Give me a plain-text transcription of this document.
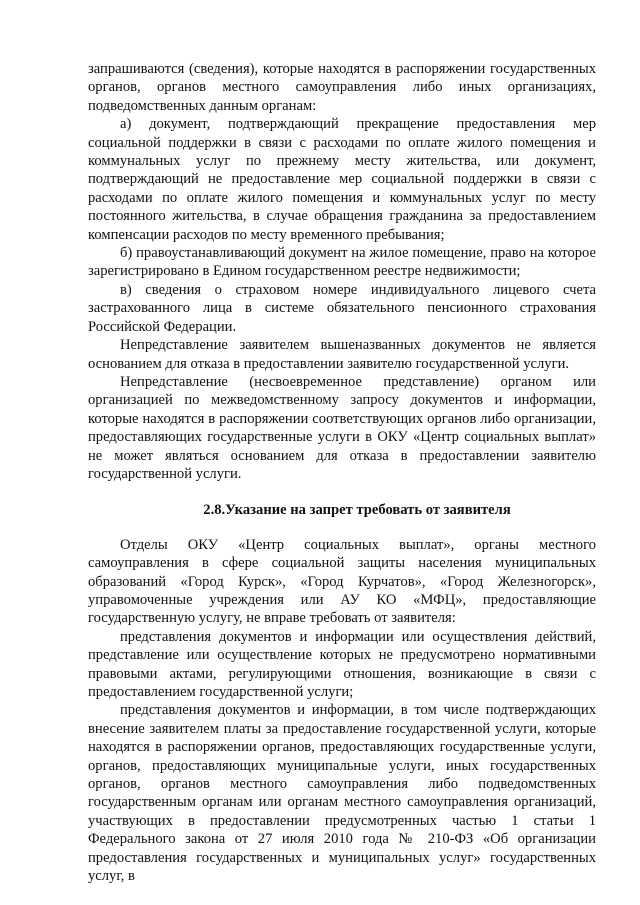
запрашиваются (сведения), которые находятся в распоряжении государственных органов, органов местного самоуправления либо иных организациях, подведомственных данным органам:

а) документ, подтверждающий прекращение предоставления мер социальной поддержки в связи с расходами по оплате жилого помещения и коммунальных услуг по прежнему месту жительства, или документ, подтверждающий не предоставление мер социальной поддержки в связи с расходами по оплате жилого помещения и коммунальных услуг по месту постоянного жительства, в случае обращения гражданина за предоставлением компенсации расходов по месту временного пребывания;

б) правоустанавливающий документ на жилое помещение, право на которое зарегистрировано в Едином государственном реестре недвижимости;

в) сведения о страховом номере индивидуального лицевого счета застрахованного лица в системе обязательного пенсионного страхования Российской Федерации.

Непредставление заявителем вышеназванных документов не является основанием для отказа в предоставлении заявителю государственной услуги.

Непредставление (несвоевременное представление) органом или организацией по межведомственному запросу документов и информации, которые находятся в распоряжении соответствующих органов либо организации, предоставляющих государственные услуги в ОКУ «Центр социальных выплат» не может являться основанием для отказа в предоставлении заявителю государственной услуги.

2.8.Указание на запрет требовать от заявителя

Отделы ОКУ «Центр социальных выплат», органы местного самоуправления в сфере социальной защиты населения муниципальных образований «Город Курск», «Город Курчатов», «Город Железногорск», управомоченные учреждения или АУ КО «МФЦ», предоставляющие государственную услугу, не вправе требовать от заявителя:

представления документов и информации или осуществления действий, представление или осуществление которых не предусмотрено нормативными правовыми актами, регулирующими отношения, возникающие в связи с предоставлением государственной услуги;

представления документов и информации, в том числе подтверждающих внесение заявителем платы за предоставление государственной услуги, которые находятся в распоряжении органов, предоставляющих государственные услуги, органов, предоставляющих муниципальные услуги, иных государственных органов, органов местного самоуправления либо подведомственных государственным органам или органам местного самоуправления организаций, участвующих в предоставлении предусмотренных частью 1 статьи 1 Федерального закона от 27 июля 2010 года № 210-ФЗ «Об организации предоставления государственных и муниципальных услуг» государственных услуг, в
